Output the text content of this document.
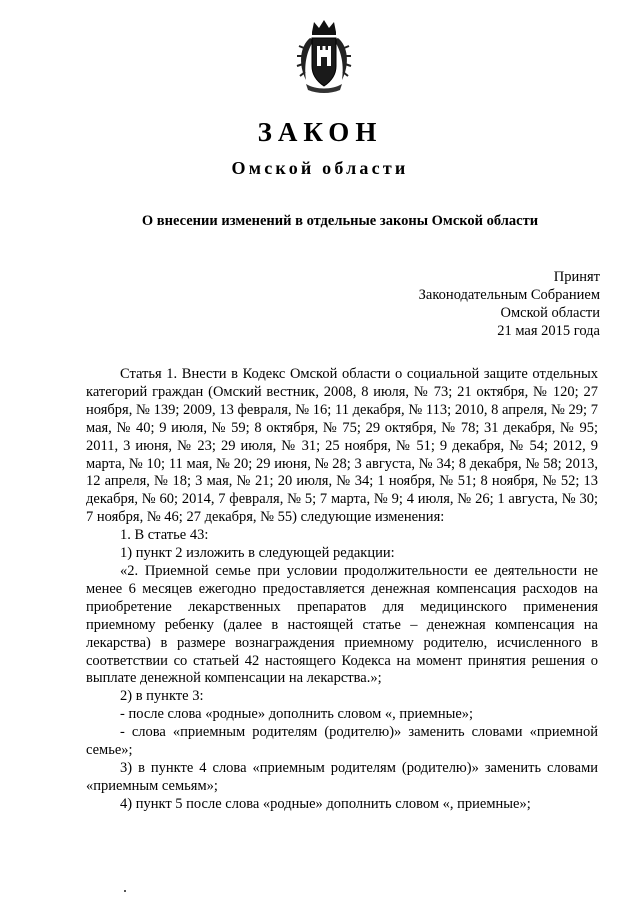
ЗАКОН
Омской области
О внесении изменений в отдельные законы Омской области
Принят
Законодательным Собранием
Омской области
21 мая 2015 года

Статья 1. Внести в Кодекс Омской области о социальной защите отдельных категорий граждан (Омский вестник, 2008, 8 июля, № 73; 21 октября, № 120; 27 ноября, № 139; 2009, 13 февраля, № 16; 11 декабря, № 113; 2010, 8 апреля, № 29; 7 мая, № 40; 9 июля, № 59; 8 октября, № 75; 29 октября, № 78; 31 декабря, № 95; 2011, 3 июня, № 23; 29 июля, № 31; 25 ноября, № 51; 9 декабря, № 54; 2012, 9 марта, № 10; 11 мая, № 20; 29 июня, № 28; 3 августа, № 34; 8 декабря, № 58; 2013, 12 апреля, № 18; 3 мая, № 21; 20 июля, № 34; 1 ноября, № 51; 8 ноября, № 52; 13 декабря, № 60; 2014, 7 февраля, № 5; 7 марта, № 9; 4 июля, № 26; 1 августа, № 30; 7 ноября, № 46; 27 декабря, № 55) следующие изменения:

1. В статье 43:

1) пункт 2 изложить в следующей редакции:

«2. Приемной семье при условии продолжительности ее деятельности не менее 6 месяцев ежегодно предоставляется денежная компенсация расходов на приобретение лекарственных препаратов для медицинского применения приемному ребенку (далее в настоящей статье – денежная компенсация на лекарства) в размере вознаграждения приемному родителю, исчисленного в соответствии со статьей 42 настоящего Кодекса на момент принятия решения о выплате денежной компенсации на лекарства.»;

2) в пункте 3:

- после слова «родные» дополнить словом «, приемные»;

- слова «приемным родителям (родителю)» заменить словами «приемной семье»;

3) в пункте 4 слова «приемным родителям (родителю)» заменить словами «приемным семьям»;

4) пункт 5 после слова «родные» дополнить словом «, приемные»;
